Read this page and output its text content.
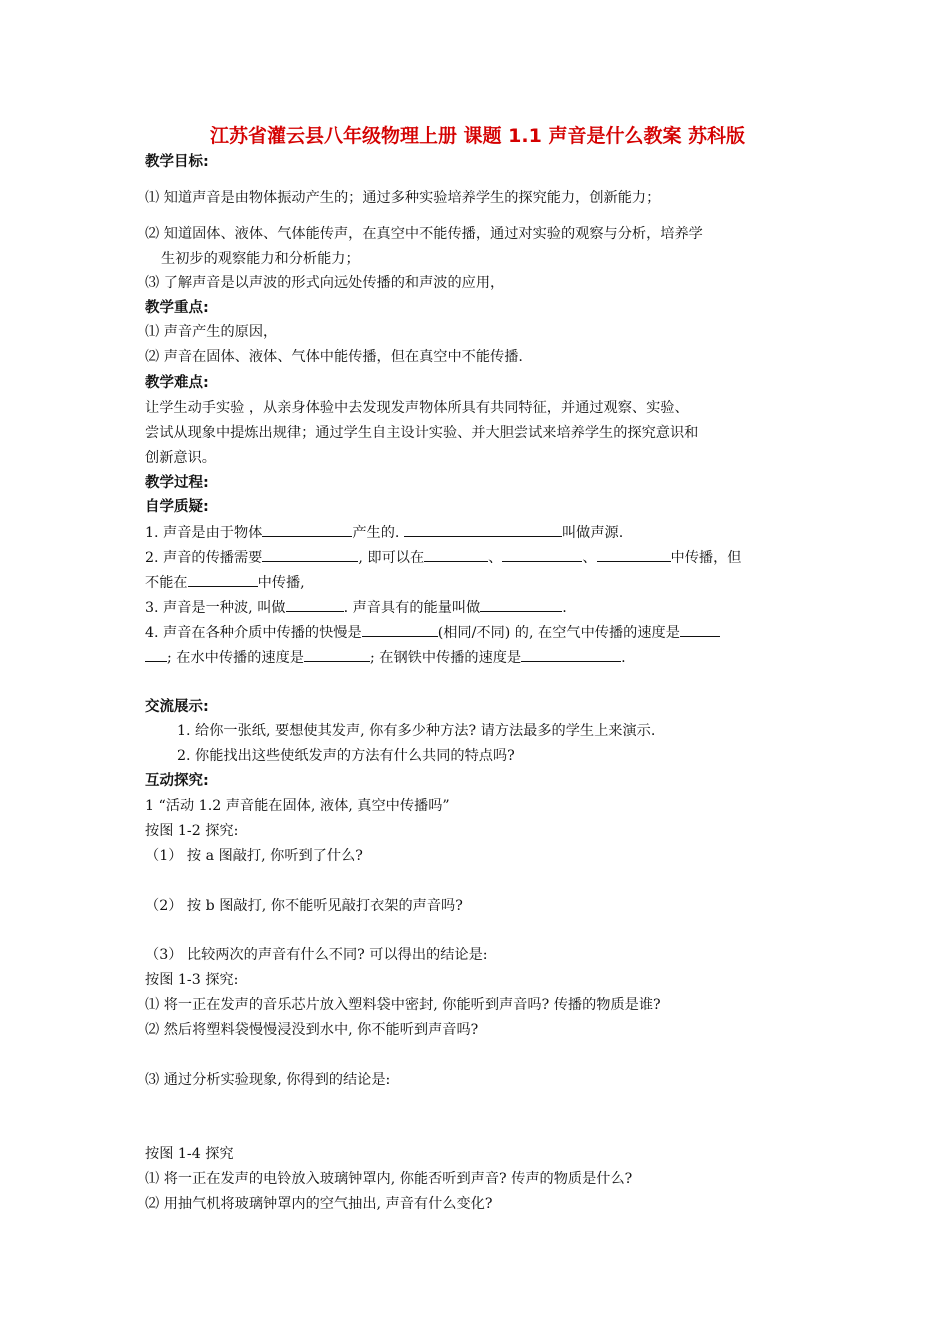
江苏省灌云县八年级物理上册 课题 1.1 声音是什么教案 苏科版
教学目标:
⑴ 知道声音是由物体振动产生的；通过多种实验培养学生的探究能力，创新能力；
⑵ 知道固体、液体、气体能传声，在真空中不能传播，通过对实验的观察与分析，培养学
生初步的观察能力和分析能力；
⑶ 了解声音是以声波的形式向远处传播的和声波的应用，
教学重点:
⑴ 声音产生的原因，
⑵ 声音在固体、液体、气体中能传播，但在真空中不能传播.
教学难点:
让学生动手实验 ，从亲身体验中去发现发声物体所具有共同特征，并通过观察、实验、
尝试从现象中提炼出规律；通过学生自主设计实验、并大胆尝试来培养学生的探究意识和
创新意识。
教学过程:
自学质疑:
1. 声音是由于物体	产生的.	叫做声源.
2. 声音的传播需要	, 即可以在	、	、	中传播，但
不能在	中传播,
3. 声音是一种波, 叫做	. 声音具有的能量叫做	.
4. 声音在各种介质中传播的快慢是	(相同/不同) 的, 在空气中传播的速度是
; 在水中传播的速度是	; 在钢铁中传播的速度是	.
交流展示:
1. 给你一张纸, 要想使其发声, 你有多少种方法? 请方法最多的学生上来演示.
2. 你能找出这些使纸发声的方法有什么共同的特点吗?
互动探究:
1 “活动 1.2 声音能在固体, 液体, 真空中传播吗”
按图 1-2 探究:
（1） 按 a 图敲打, 你听到了什么?
（2） 按 b 图敲打, 你不能听见敲打衣架的声音吗?
（3） 比较两次的声音有什么不同? 可以得出的结论是:
按图 1-3 探究:
⑴ 将一正在发声的音乐芯片放入塑料袋中密封, 你能听到声音吗? 传播的物质是谁?
⑵ 然后将塑料袋慢慢浸没到水中, 你不能听到声音吗?
⑶ 通过分析实验现象, 你得到的结论是:
按图 1-4 探究
⑴ 将一正在发声的电铃放入玻璃钟罩内, 你能否听到声音? 传声的物质是什么?
⑵ 用抽气机将玻璃钟罩内的空气抽出, 声音有什么变化?
